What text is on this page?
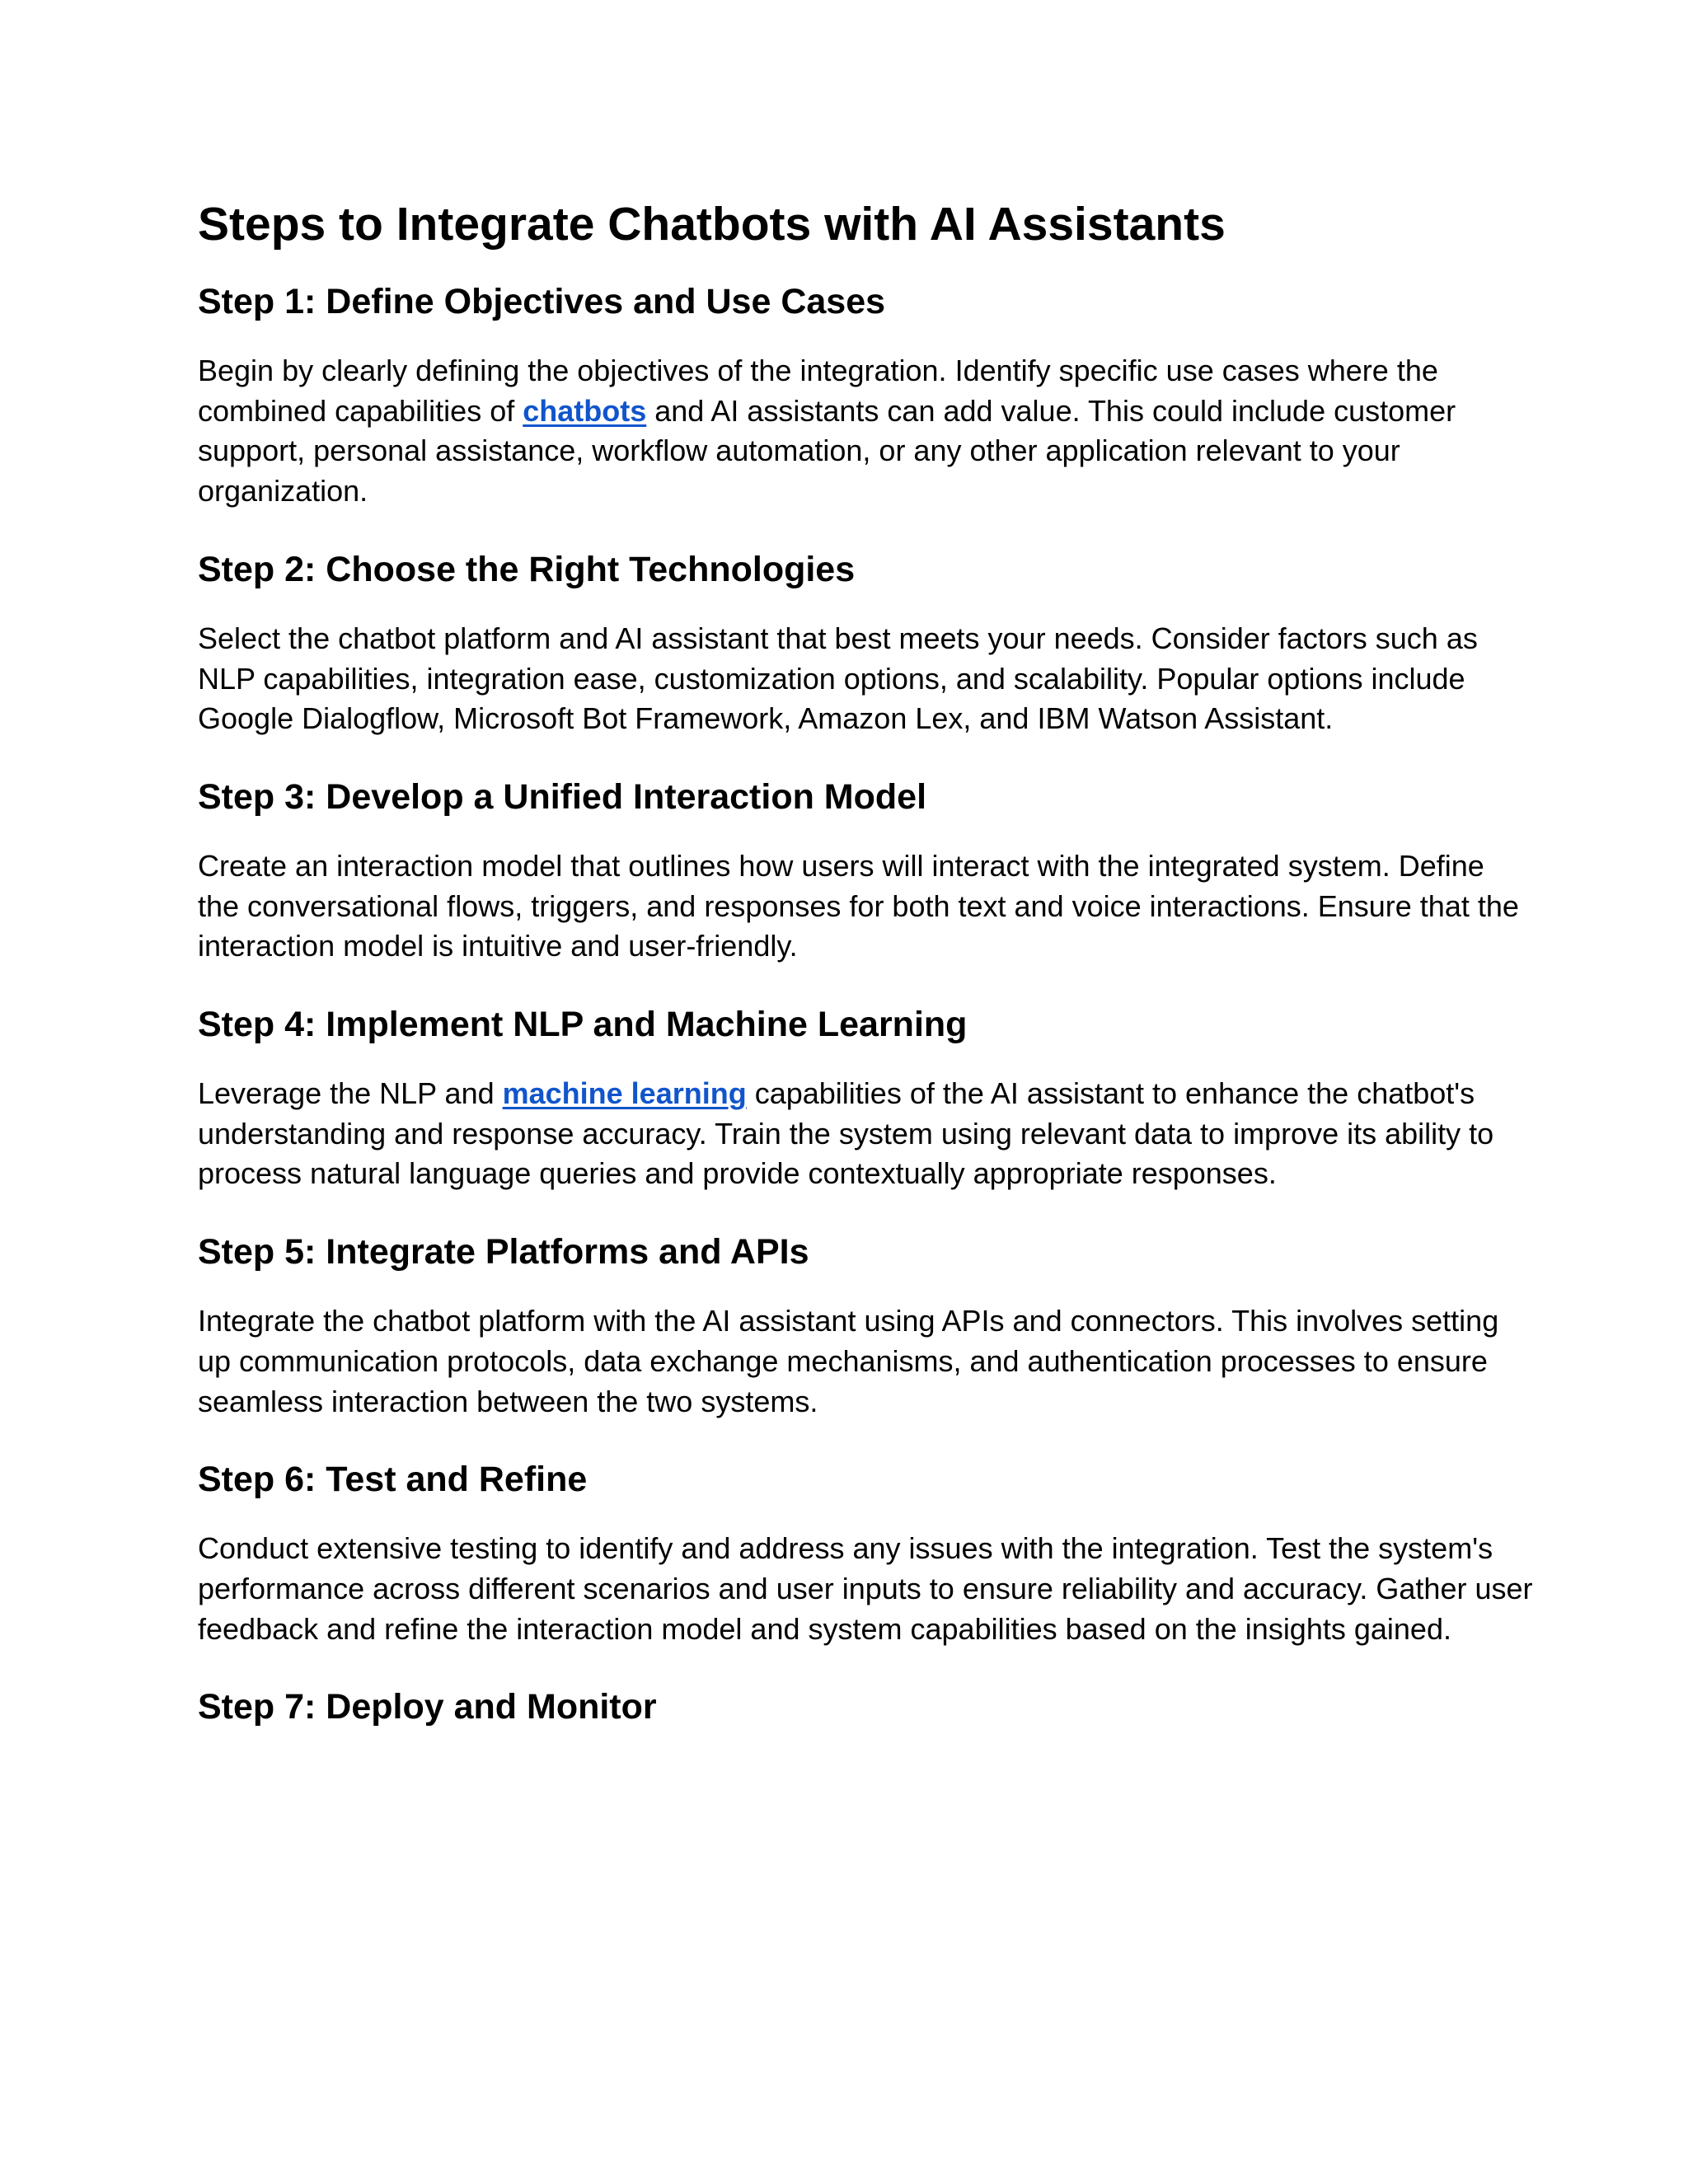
Steps to Integrate Chatbots with AI Assistants
Step 1: Define Objectives and Use Cases

Begin by clearly defining the objectives of the integration. Identify specific use cases where the combined capabilities of chatbots and AI assistants can add value. This could include customer support, personal assistance, workflow automation, or any other application relevant to your organization.

Step 2: Choose the Right Technologies

Select the chatbot platform and AI assistant that best meets your needs. Consider factors such as NLP capabilities, integration ease, customization options, and scalability. Popular options include Google Dialogflow, Microsoft Bot Framework, Amazon Lex, and IBM Watson Assistant.

Step 3: Develop a Unified Interaction Model

Create an interaction model that outlines how users will interact with the integrated system. Define the conversational flows, triggers, and responses for both text and voice interactions. Ensure that the interaction model is intuitive and user-friendly.

Step 4: Implement NLP and Machine Learning

Leverage the NLP and machine learning capabilities of the AI assistant to enhance the chatbot's understanding and response accuracy. Train the system using relevant data to improve its ability to process natural language queries and provide contextually appropriate responses.

Step 5: Integrate Platforms and APIs

Integrate the chatbot platform with the AI assistant using APIs and connectors. This involves setting up communication protocols, data exchange mechanisms, and authentication processes to ensure seamless interaction between the two systems.

Step 6: Test and Refine

Conduct extensive testing to identify and address any issues with the integration. Test the system's performance across different scenarios and user inputs to ensure reliability and accuracy. Gather user feedback and refine the interaction model and system capabilities based on the insights gained.

Step 7: Deploy and Monitor
